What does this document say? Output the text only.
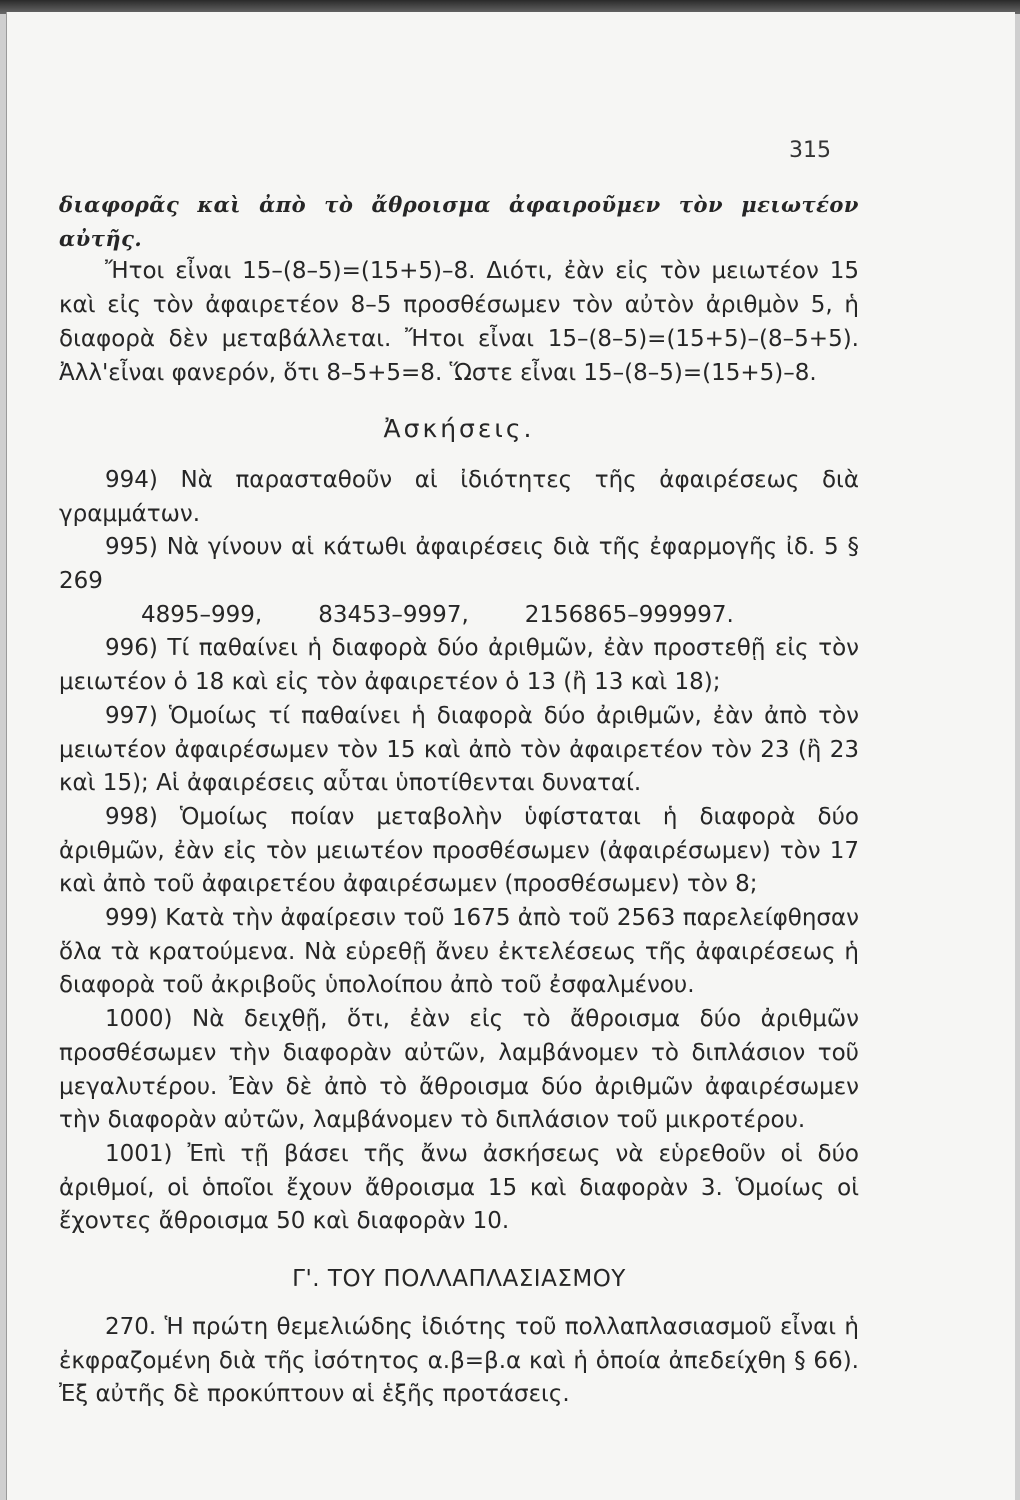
315

διαφορᾶς καὶ ἀπὸ τὸ ἄθροισμα ἀφαιροῦμεν τὸν μειωτέον αὐτῆς.

Ἤτοι εἶναι 15–(8–5)=(15+5)–8. Διότι, ἐὰν εἰς τὸν μειωτέον 15 καὶ εἰς τὸν ἀφαιρετέον 8–5 προσθέσωμεν τὸν αὐτὸν ἀριθμὸν 5, ἡ διαφορὰ δὲν μεταβάλλεται. Ἤτοι εἶναι 15–(8–5)=(15+5)–(8–5+5). Ἀλλ'εἶναι φανερόν, ὅτι 8–5+5=8. Ὥστε εἶναι 15–(8–5)=(15+5)–8.

Ἀσκήσεις.

994) Νὰ παρασταθοῦν αἱ ἰδιότητες τῆς ἀφαιρέσεως διὰ γραμμάτων.

995) Νὰ γίνουν αἱ κάτωθι ἀφαιρέσεις διὰ τῆς ἐφαρμογῆς ἰδ. 5 § 269

4895–999, 83453–9997, 2156865–999997.

996) Τί παθαίνει ἡ διαφορὰ δύο ἀριθμῶν, ἐὰν προστεθῇ εἰς τὸν μειωτέον ὁ 18 καὶ εἰς τὸν ἀφαιρετέον ὁ 13 (ἢ 13 καὶ 18);

997) Ὁμοίως τί παθαίνει ἡ διαφορὰ δύο ἀριθμῶν, ἐὰν ἀπὸ τὸν μειωτέον ἀφαιρέσωμεν τὸν 15 καὶ ἀπὸ τὸν ἀφαιρετέον τὸν 23 (ἢ 23 καὶ 15); Αἱ ἀφαιρέσεις αὗται ὑποτίθενται δυναταί.

998) Ὁμοίως ποίαν μεταβολὴν ὑφίσταται ἡ διαφορὰ δύο ἀριθμῶν, ἐὰν εἰς τὸν μειωτέον προσθέσωμεν (ἀφαιρέσωμεν) τὸν 17 καὶ ἀπὸ τοῦ ἀφαιρετέου ἀφαιρέσωμεν (προσθέσωμεν) τὸν 8;

999) Κατὰ τὴν ἀφαίρεσιν τοῦ 1675 ἀπὸ τοῦ 2563 παρελείφθησαν ὅλα τὰ κρατούμενα. Νὰ εὑρεθῇ ἄνευ ἐκτελέσεως τῆς ἀφαιρέσεως ἡ διαφορὰ τοῦ ἀκριβοῦς ὑπολοίπου ἀπὸ τοῦ ἐσφαλμένου.

1000) Νὰ δειχθῇ, ὅτι, ἐὰν εἰς τὸ ἄθροισμα δύο ἀριθμῶν προσθέσωμεν τὴν διαφορὰν αὐτῶν, λαμβάνομεν τὸ διπλάσιον τοῦ μεγαλυτέρου. Ἐὰν δὲ ἀπὸ τὸ ἄθροισμα δύο ἀριθμῶν ἀφαιρέσωμεν τὴν διαφορὰν αὐτῶν, λαμβάνομεν τὸ διπλάσιον τοῦ μικροτέρου.

1001) Ἐπὶ τῇ βάσει τῆς ἄνω ἀσκήσεως νὰ εὑρεθοῦν οἱ δύο ἀριθμοί, οἱ ὁποῖοι ἔχουν ἄθροισμα 15 καὶ διαφορὰν 3. Ὁμοίως οἱ ἔχοντες ἄθροισμα 50 καὶ διαφορὰν 10.

Γ'. ΤΟΥ ΠΟΛΛΑΠΛΑΣΙΑΣΜΟΥ

270. Ἡ πρώτη θεμελιώδης ἰδιότης τοῦ πολλαπλασιασμοῦ εἶναι ἡ ἐκφραζομένη διὰ τῆς ἰσότητος α.β=β.α καὶ ἡ ὁποία ἀπεδείχθη § 66). Ἐξ αὐτῆς δὲ προκύπτουν αἱ ἑξῆς προτάσεις.
